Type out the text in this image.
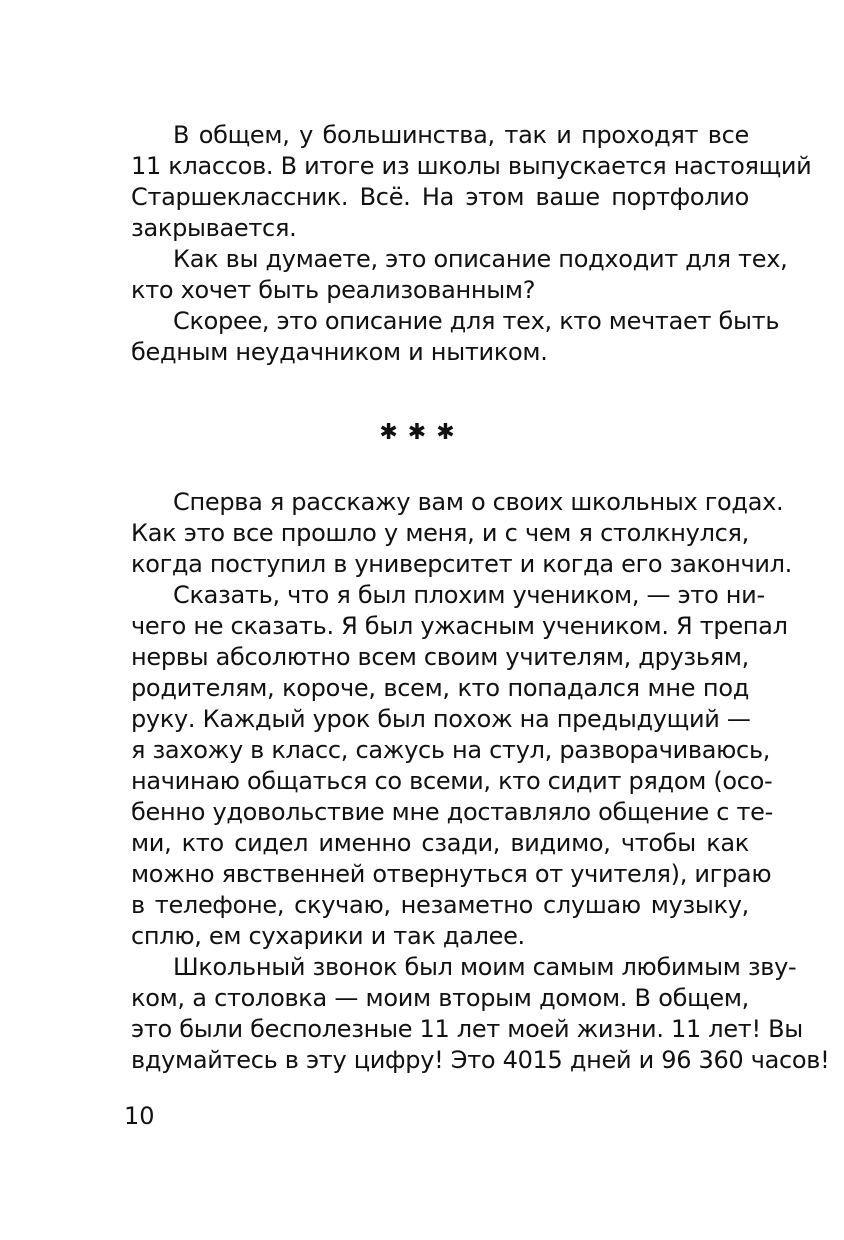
В общем, у большинства, так и проходят все
11 классов. В итоге из школы выпускается настоящий
Старшеклассник. Всё. На этом ваше портфолио
закрывается.
Как вы думаете, это описание подходит для тех,
кто хочет быть реализованным?
Скорее, это описание для тех, кто мечтает быть
бедным неудачником и нытиком.
✱✱✱
Сперва я расскажу вам о своих школьных годах.
Как это все прошло у меня, и с чем я столкнулся,
когда поступил в университет и когда его закончил.
Сказать, что я был плохим учеником, — это ни-
чего не сказать. Я был ужасным учеником. Я трепал
нервы абсолютно всем своим учителям, друзьям,
родителям, короче, всем, кто попадался мне под
руку. Каждый урок был похож на предыдущий —
я захожу в класс, сажусь на стул, разворачиваюсь,
начинаю общаться со всеми, кто сидит рядом (осо-
бенно удовольствие мне доставляло общение с те-
ми, кто сидел именно сзади, видимо, чтобы как
можно явственней отвернуться от учителя), играю
в телефоне, скучаю, незаметно слушаю музыку,
сплю, ем сухарики и так далее.
Школьный звонок был моим самым любимым зву-
ком, а столовка — моим вторым домом. В общем,
это были бесполезные 11 лет моей жизни. 11 лет! Вы
вдумайтесь в эту цифру! Это 4015 дней и 96 360 часов!
10
